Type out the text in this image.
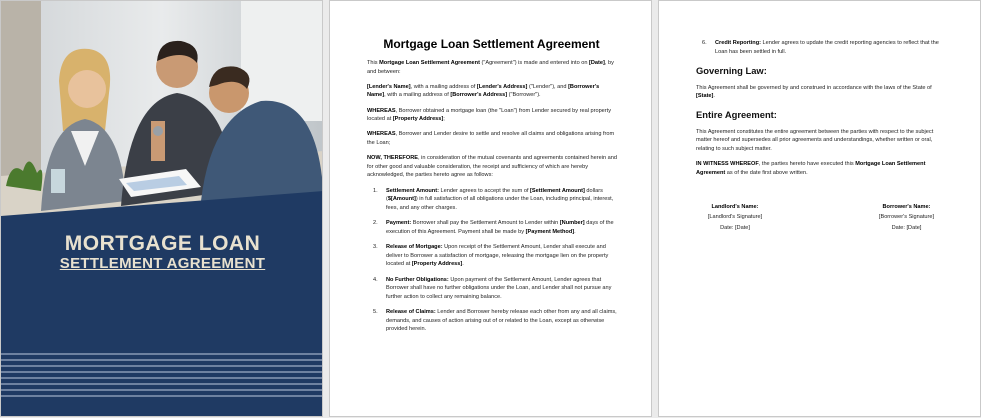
MORTGAGE LOAN
SETTLEMENT AGREEMENT
Mortgage Loan Settlement Agreement

This Mortgage Loan Settlement Agreement ("Agreement") is made and entered into on [Date], by and between:

[Lender's Name], with a mailing address of [Lender's Address] ("Lender"), and [Borrower's Name], with a mailing address of [Borrower's Address] ("Borrower").

WHEREAS, Borrower obtained a mortgage loan (the "Loan") from Lender secured by real property located at [Property Address];

WHEREAS, Borrower and Lender desire to settle and resolve all claims and obligations arising from the Loan;

NOW, THEREFORE, in consideration of the mutual covenants and agreements contained herein and for other good and valuable consideration, the receipt and sufficiency of which are hereby acknowledged, the parties hereto agree as follows:

1. Settlement Amount: Lender agrees to accept the sum of [Settlement Amount] dollars ($[Amount]) in full satisfaction of all obligations under the Loan, including principal, interest, fees, and any other charges.
2. Payment: Borrower shall pay the Settlement Amount to Lender within [Number] days of the execution of this Agreement. Payment shall be made by [Payment Method].
3. Release of Mortgage: Upon receipt of the Settlement Amount, Lender shall execute and deliver to Borrower a satisfaction of mortgage, releasing the mortgage lien on the property located at [Property Address].
4. No Further Obligations: Upon payment of the Settlement Amount, Lender agrees that Borrower shall have no further obligations under the Loan, and Lender shall not pursue any further action to collect any remaining balance.
5. Release of Claims: Lender and Borrower hereby release each other from any and all claims, demands, and causes of action arising out of or related to the Loan, except as otherwise provided herein.
6. Credit Reporting: Lender agrees to update the credit reporting agencies to reflect that the Loan has been settled in full.
Governing Law:

This Agreement shall be governed by and construed in accordance with the laws of the State of [State].

Entire Agreement:

This Agreement constitutes the entire agreement between the parties with respect to the subject matter hereof and supersedes all prior agreements and understandings, whether written or oral, relating to such subject matter.

IN WITNESS WHEREOF, the parties hereto have executed this Mortgage Loan Settlement Agreement as of the date first above written.

Landlord's Name:
[Landlord's Signature]
Date: [Date]
Borrower's Name:
[Borrower's Signature]
Date: [Date]
